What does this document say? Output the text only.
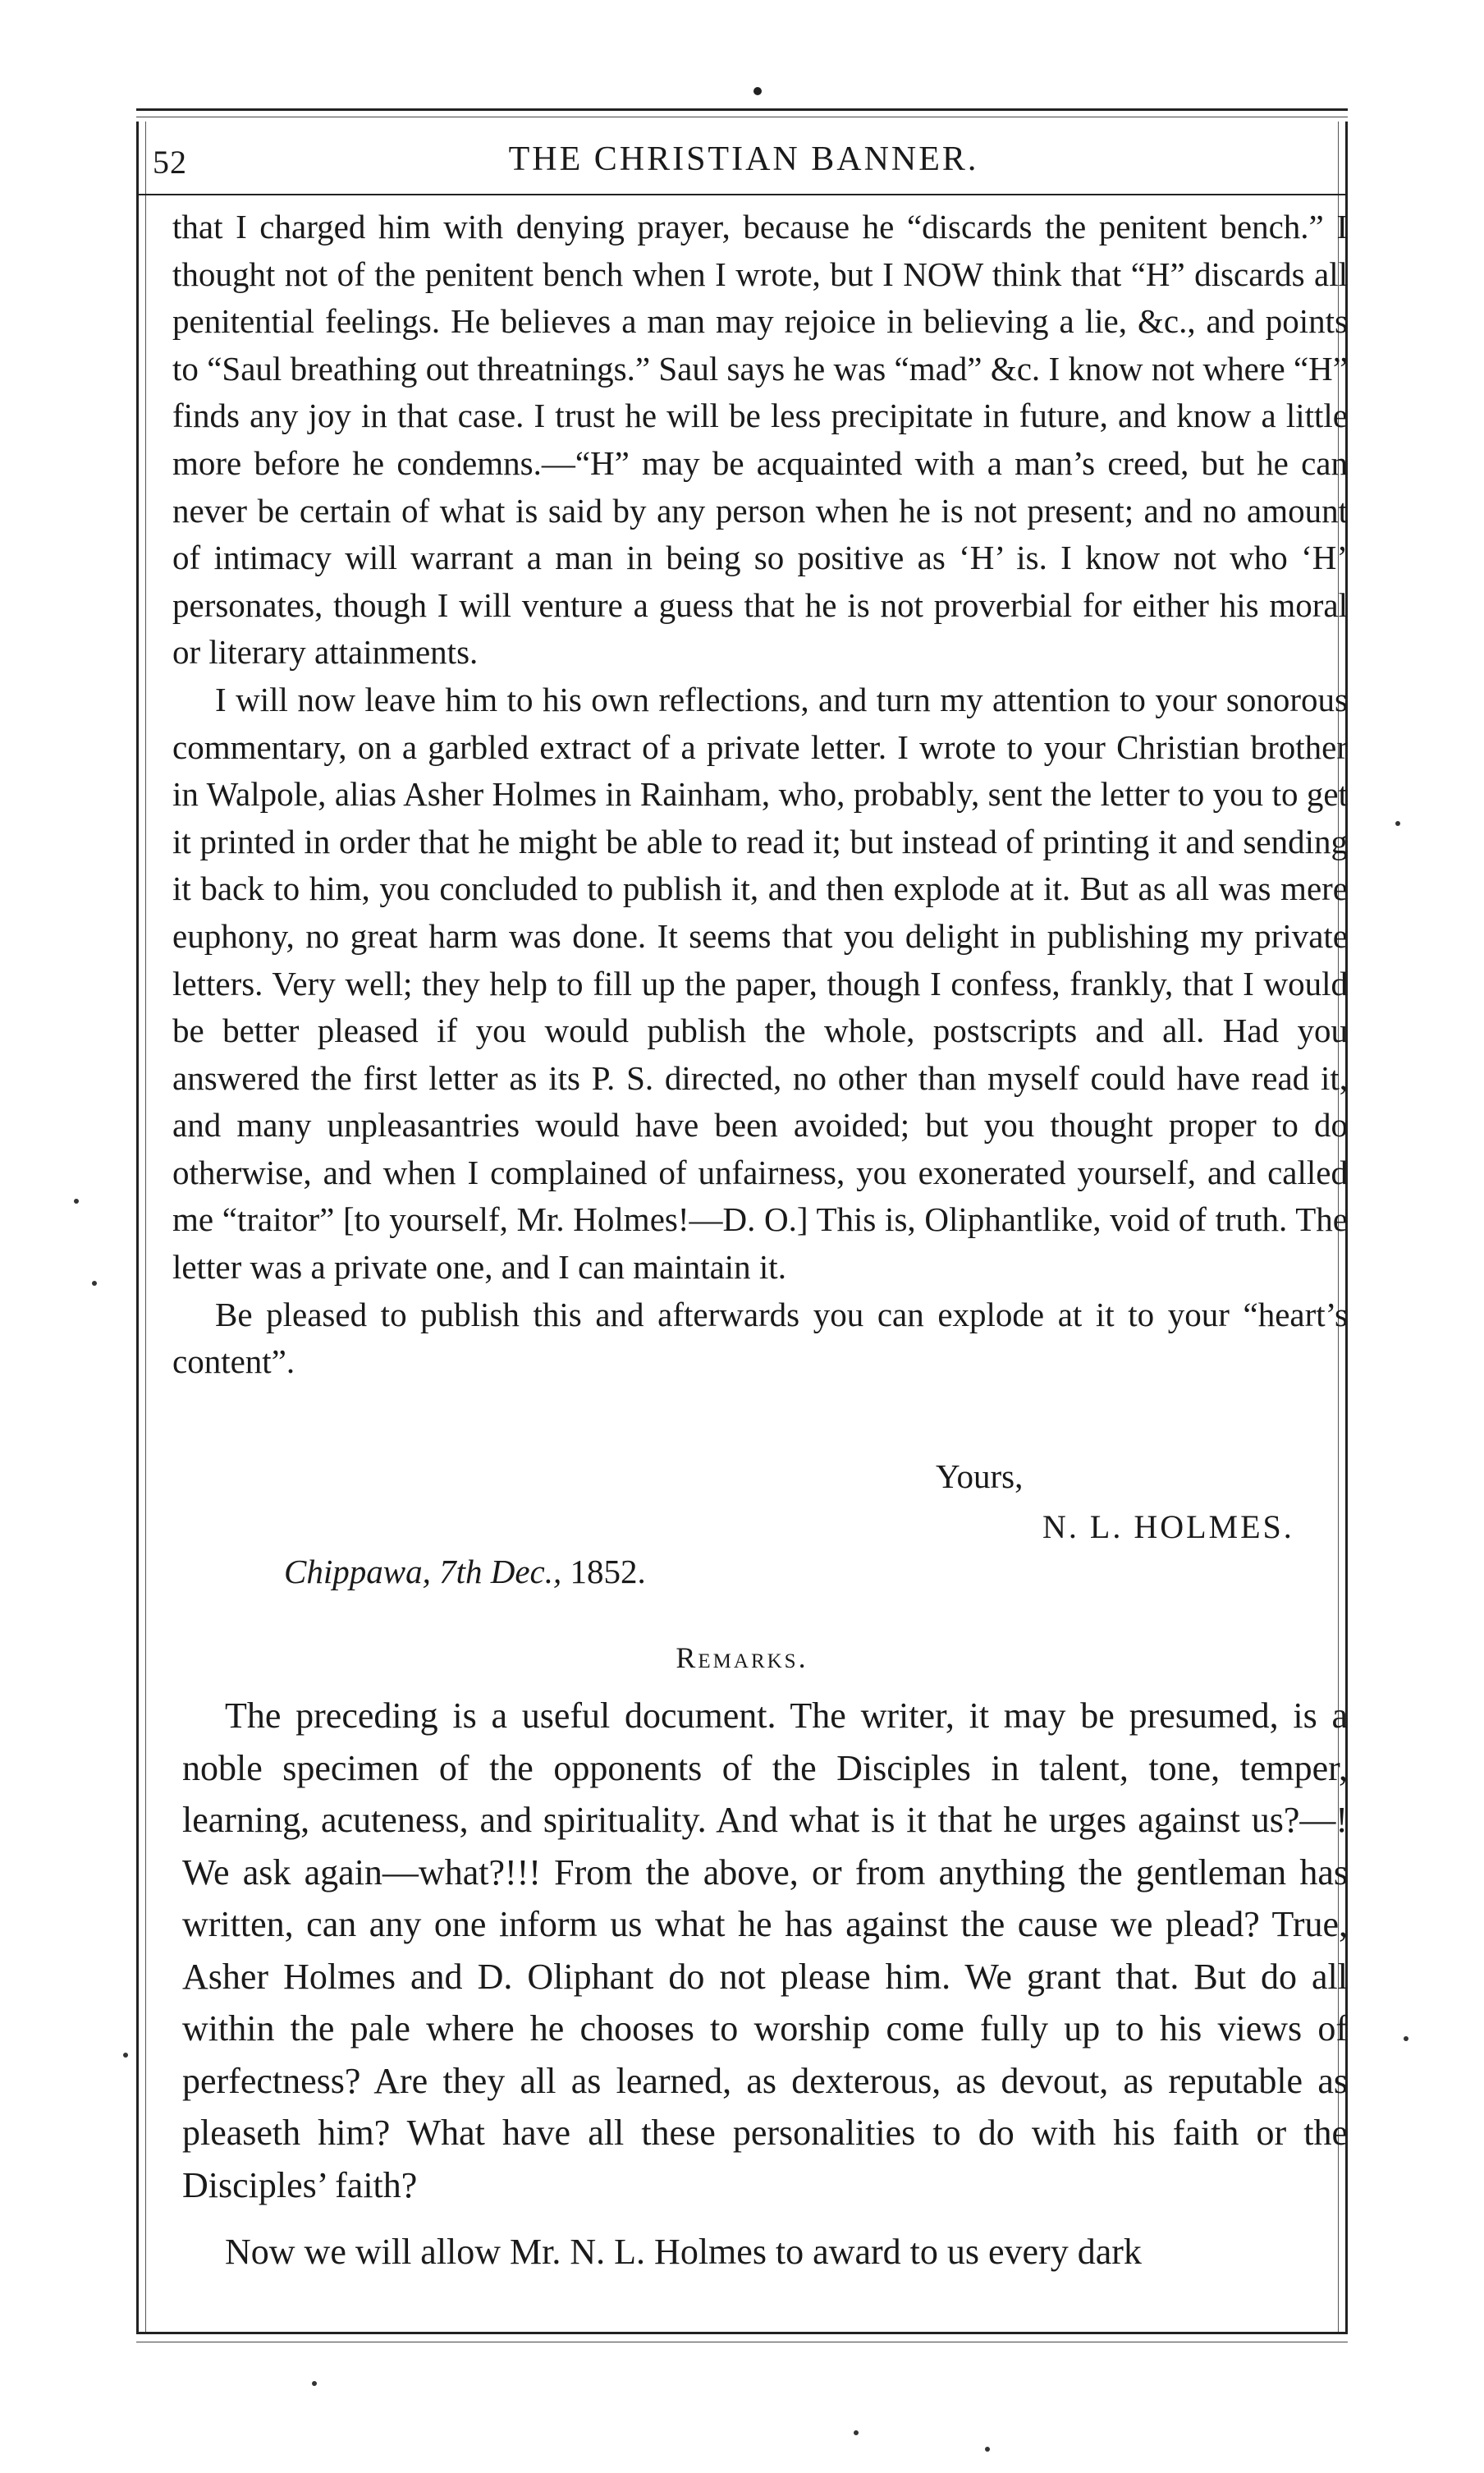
52	THE CHRISTIAN BANNER.

that I charged him with denying prayer, because he “discards the penitent bench.” I thought not of the penitent bench when I wrote, but I NOW think that “H” discards all penitential feelings. He believes a man may rejoice in believing a lie, &c., and points to “Saul breathing out threatnings.” Saul says he was “mad” &c. I know not where “H” finds any joy in that case. I trust he will be less precipitate in future, and know a little more before he condemns.—“H” may be acquainted with a man’s creed, but he can never be certain of what is said by any person when he is not present; and no amount of intimacy will warrant a man in being so positive as ‘H’ is. I know not who ‘H’ personates, though I will venture a guess that he is not proverbial for either his moral or literary attainments.

I will now leave him to his own reflections, and turn my attention to your sonorous commentary, on a garbled extract of a private letter. I wrote to your Christian brother in Walpole, alias Asher Holmes in Rainham, who, probably, sent the letter to you to get it printed in order that he might be able to read it; but instead of printing it and sending it back to him, you concluded to publish it, and then explode at it. But as all was mere euphony, no great harm was done. It seems that you delight in publishing my private letters. Very well; they help to fill up the paper, though I confess, frankly, that I would be better pleased if you would publish the whole, postscripts and all. Had you answered the first letter as its P. S. directed, no other than myself could have read it, and many unpleasantries would have been avoided; but you thought proper to do otherwise, and when I complained of unfairness, you exonerated yourself, and called me “traitor” [to yourself, Mr. Holmes!—D. O.] This is, Oliphantlike, void of truth. The letter was a private one, and I can maintain it.

Be pleased to publish this and afterwards you can explode at it to your “heart’s content”.

Yours,
N. L. HOLMES.
Chippawa, 7th Dec., 1852.
Remarks.

The preceding is a useful document. The writer, it may be presumed, is a noble specimen of the opponents of the Disciples in talent, tone, temper, learning, acuteness, and spirituality. And what is it that he urges against us?—! We ask again—what?!!! From the above, or from anything the gentleman has written, can any one inform us what he has against the cause we plead? True, Asher Holmes and D. Oliphant do not please him. We grant that. But do all within the pale where he chooses to worship come fully up to his views of perfectness? Are they all as learned, as dexterous, as devout, as reputable as pleaseth him? What have all these personalities to do with his faith or the Disciples’ faith?

Now we will allow Mr. N. L. Holmes to award to us every dark
